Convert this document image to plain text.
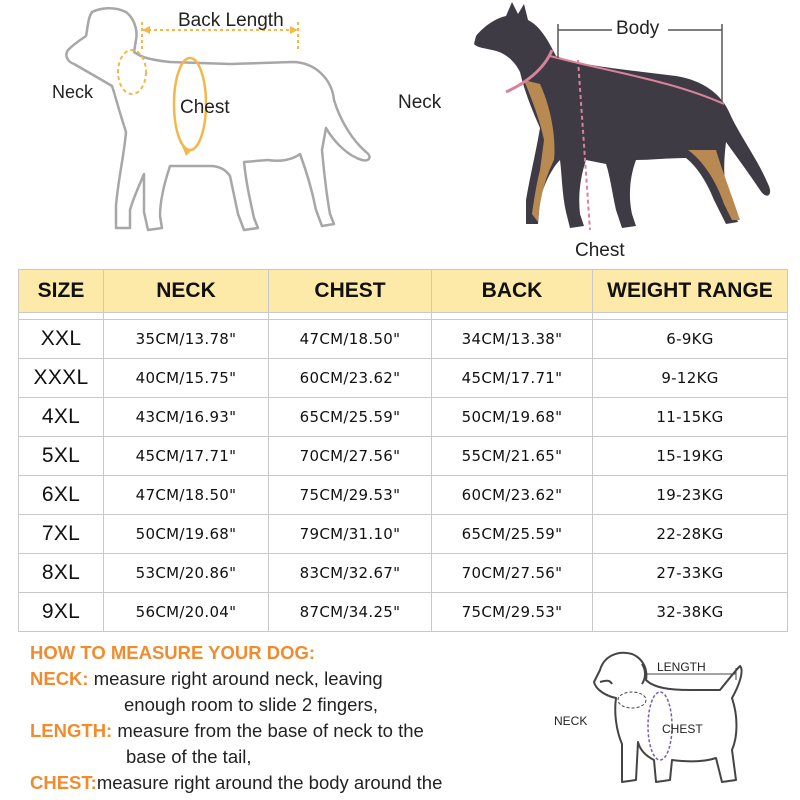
Back Length
Neck
Chest
Body
Neck
Chest
SIZE	NECK	CHEST	BACK	WEIGHT RANGE

XXL	35CM/13.78"	47CM/18.50"	34CM/13.38"	6-9KG
XXXL	40CM/15.75"	60CM/23.62"	45CM/17.71"	9-12KG
4XL	43CM/16.93"	65CM/25.59"	50CM/19.68"	11-15KG
5XL	45CM/17.71"	70CM/27.56"	55CM/21.65"	15-19KG
6XL	47CM/18.50"	75CM/29.53"	60CM/23.62"	19-23KG
7XL	50CM/19.68"	79CM/31.10"	65CM/25.59"	22-28KG
8XL	53CM/20.86"	83CM/32.67"	70CM/27.56"	27-33KG
9XL	56CM/20.04"	87CM/34.25"	75CM/29.53"	32-38KG
HOW TO MEASURE YOUR DOG:
NECK: measure right around neck, leaving
enough room to slide 2 fingers,
LENGTH: measure from the base of neck to the
base of the tail,
CHEST:measure right around the body around the
LENGTH
NECK
CHEST
